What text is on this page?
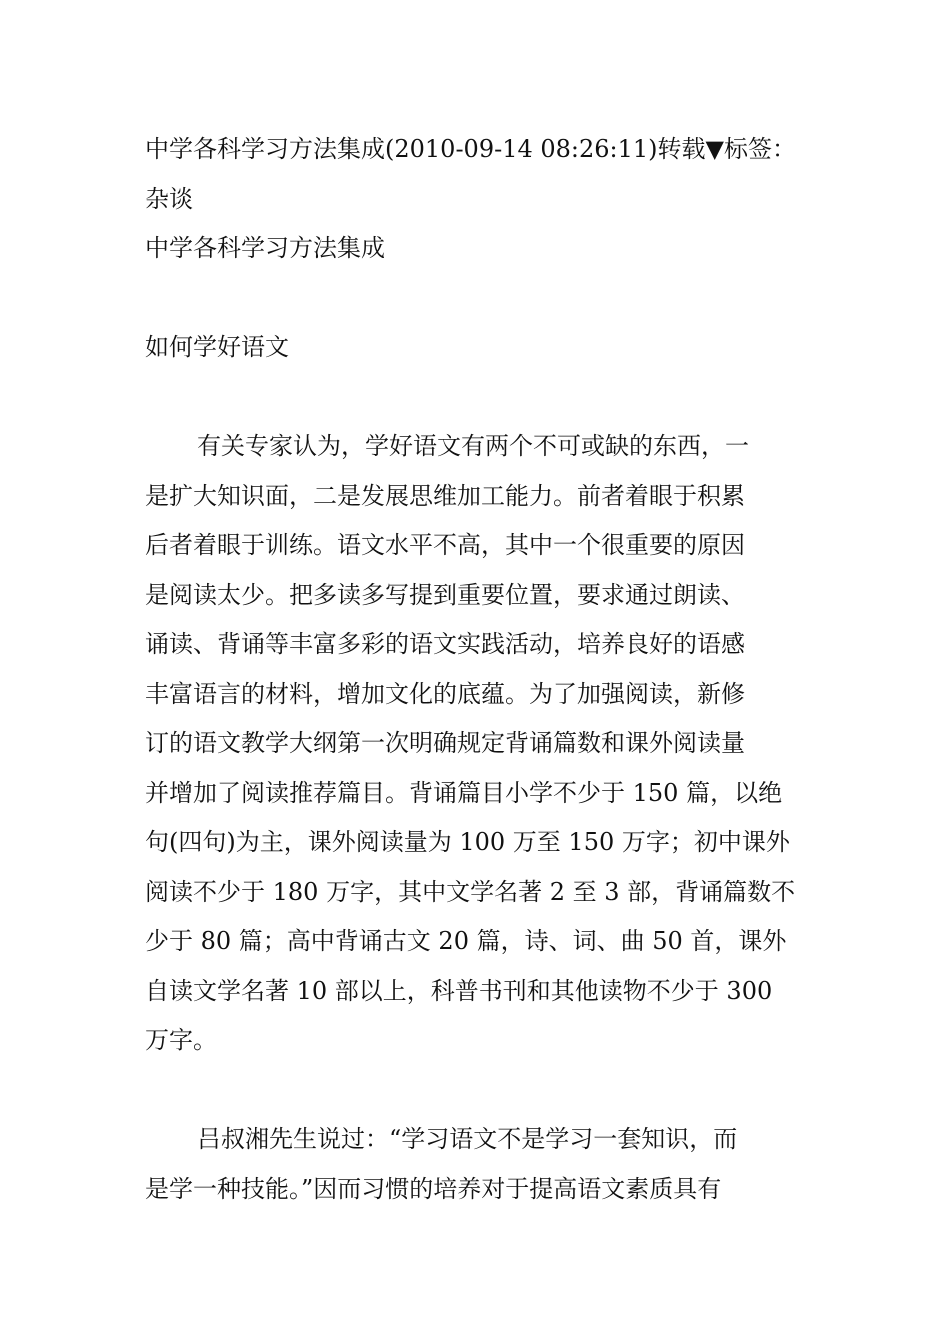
中学各科学习方法集成(2010-09-14 08:26:11)转载▼标签：
杂谈
中学各科学习方法集成
如何学好语文
有关专家认为，学好语文有两个不可或缺的东西，一
是扩大知识面，二是发展思维加工能力。前者着眼于积累
后者着眼于训练。语文水平不高，其中一个很重要的原因
是阅读太少。把多读多写提到重要位置，要求通过朗读、
诵读、背诵等丰富多彩的语文实践活动，培养良好的语感
丰富语言的材料，增加文化的底蕴。为了加强阅读，新修
订的语文教学大纲第一次明确规定背诵篇数和课外阅读量
并增加了阅读推荐篇目。背诵篇目小学不少于 150 篇，以绝
句(四句)为主，课外阅读量为 100 万至 150 万字；初中课外
阅读不少于 180 万字，其中文学名著 2 至 3 部，背诵篇数不
少于 80 篇；高中背诵古文 20 篇，诗、词、曲 50 首，课外
自读文学名著 10 部以上，科普书刊和其他读物不少于 300
万字。
吕叔湘先生说过：“学习语文不是学习一套知识，而
是学一种技能。”因而习惯的培养对于提高语文素质具有
